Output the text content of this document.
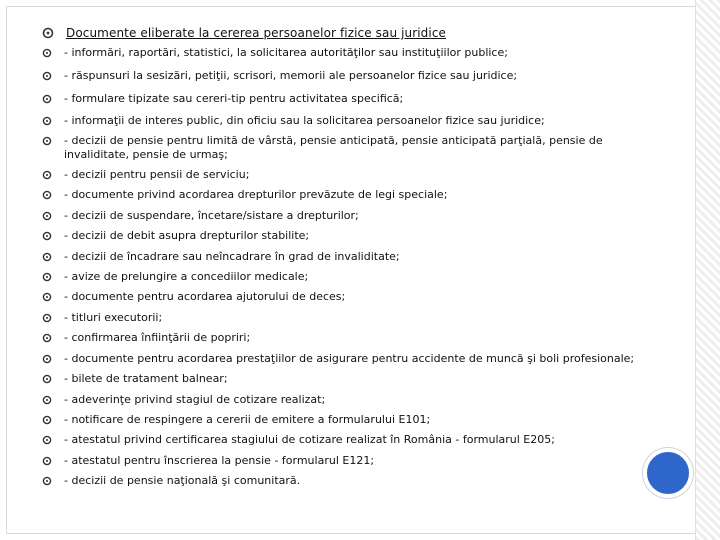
Documente eliberate la cererea persoanelor fizice sau juridice
- informări, raportări, statistici, la solicitarea autorităţilor sau instituţiilor publice;
- răspunsuri la sesizări, petiţii, scrisori, memorii ale persoanelor fizice sau juridice;
- formulare tipizate sau cereri-tip pentru activitatea specifică;
- informaţii de interes public, din oficiu sau la solicitarea persoanelor fizice sau juridice;
- decizii de pensie pentru limită de vârstă, pensie anticipată, pensie anticipată parţială, pensie de invaliditate, pensie de urmaş;
- decizii pentru pensii de serviciu;
- documente privind acordarea drepturilor prevăzute de legi speciale;
- decizii de suspendare, încetare/sistare a drepturilor;
- decizii de debit asupra drepturilor stabilite;
- decizii de încadrare sau neîncadrare în grad de invaliditate;
- avize de prelungire a concediilor medicale;
- documente pentru acordarea ajutorului de deces;
- titluri executorii;
- confirmarea înfiinţării de popriri;
- documente pentru acordarea prestaţiilor de asigurare pentru accidente de muncă şi boli profesionale;
- bilete de tratament balnear;
- adeverinţe privind stagiul de cotizare realizat;
- notificare de respingere a cererii de emitere a formularului E101;
- atestatul privind certificarea stagiului de cotizare realizat în România - formularul E205;
- atestatul pentru înscrierea la pensie - formularul E121;
- decizii de pensie naţională şi comunitară.
